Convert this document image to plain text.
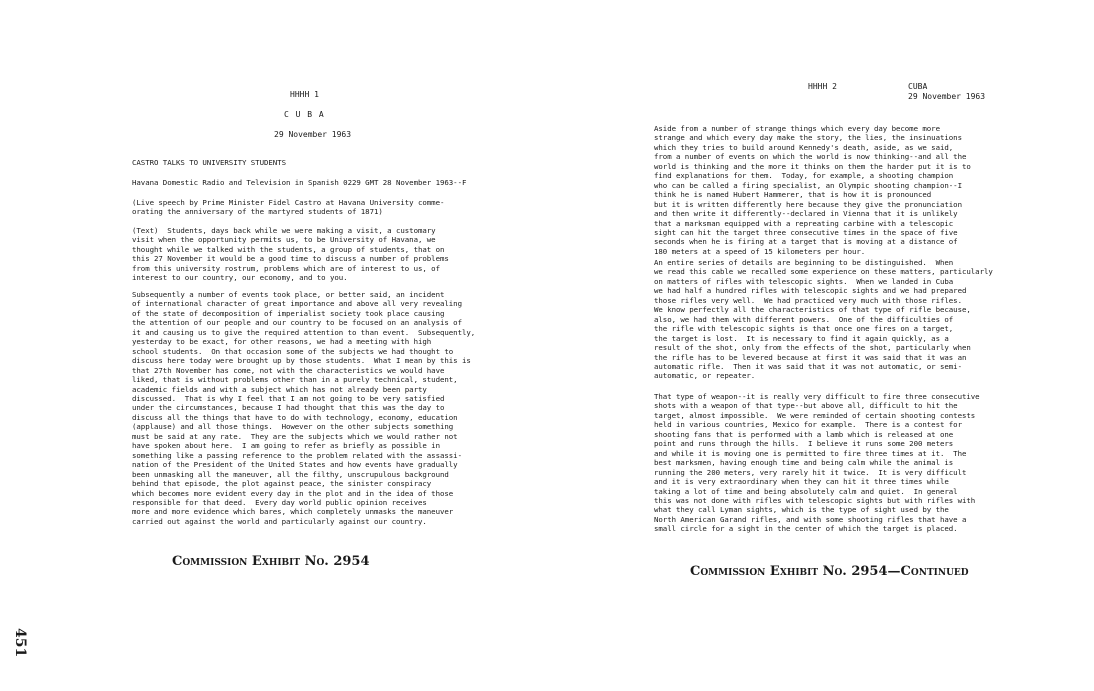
HHHH 1
C U B A
29 November 1963
CASTRO TALKS TO UNIVERSITY STUDENTS
Havana Domestic Radio and Television in Spanish 0229 GMT 28 November 1963--F
(Live speech by Prime Minister Fidel Castro at Havana University comme-
orating the anniversary of the martyred students of 1871)
(Text)  Students, days back while we were making a visit, a customary
visit when the opportunity permits us, to be University of Havana, we
thought while we talked with the students, a group of students, that on
this 27 November it would be a good time to discuss a number of problems
from this university rostrum, problems which are of interest to us, of
interest to our country, our economy, and to you.
Subsequently a number of events took place, or better said, an incident
of international character of great importance and above all very revealing
of the state of decomposition of imperialist society took place causing
the attention of our people and our country to be focused on an analysis of
it and causing us to give the required attention to than event.  Subsequently,
yesterday to be exact, for other reasons, we had a meeting with high
school students.  On that occasion some of the subjects we had thought to
discuss here today were brought up by those students.  What I mean by this is
that 27th November has come, not with the characteristics we would have
liked, that is without problems other than in a purely technical, student,
academic fields and with a subject which has not already been party
discussed.  That is why I feel that I am not going to be very satisfied
under the circumstances, because I had thought that this was the day to
discuss all the things that have to do with technology, economy, education
(applause) and all those things.  However on the other subjects something
must be said at any rate.  They are the subjects which we would rather not
have spoken about here.  I am going to refer as briefly as possible in
something like a passing reference to the problem related with the assassi-
nation of the President of the United States and how events have gradually
been unmasking all the maneuver, all the filthy, unscrupulous background
behind that episode, the plot against peace, the sinister conspiracy
which becomes more evident every day in the plot and in the idea of those
responsible for that deed.  Every day world public opinion receives
more and more evidence which bares, which completely unmasks the maneuver
carried out against the world and particularly against our country.
Commission Exhibit No. 2954
HHHH 2	CUBA
29 November 1963
Aside from a number of strange things which every day become more
strange and which every day make the story, the lies, the insinuations
which they tries to build around Kennedy's death, aside, as we said,
from a number of events on which the world is now thinking--and all the
world is thinking and the more it thinks on them the harder put it is to
find explanations for them.  Today, for example, a shooting champion
who can be called a firing specialist, an Olympic shooting champion--I
think he is named Hubert Hammerer, that is how it is pronounced
but it is written differently here because they give the pronunciation
and then write it differently--declared in Vienna that it is unlikely
that a marksman equipped with a repreating carbine with a telescopic
sight can hit the target three consecutive times in the space of five
seconds when he is firing at a target that is moving at a distance of
180 meters at a speed of 15 kilometers per hour.
An entire series of details are beginning to be distinguished.  When
we read this cable we recalled some experience on these matters, particularly
on matters of rifles with telescopic sights.  When we landed in Cuba
we had half a hundred rifles with telescopic sights and we had prepared
those rifles very well.  We had practiced very much with those rifles.
We know perfectly all the characteristics of that type of rifle because,
also, we had them with different powers.  One of the difficulties of
the rifle with telescopic sights is that once one fires on a target,
the target is lost.  It is necessary to find it again quickly, as a
result of the shot, only from the effects of the shot, particularly when
the rifle has to be levered because at first it was said that it was an
automatic rifle.  Then it was said that it was not automatic, or semi-
automatic, or repeater.
That type of weapon--it is really very difficult to fire three consecutive
shots with a weapon of that type--but above all, difficult to hit the
target, almost impossible.  We were reminded of certain shooting contests
held in various countries, Mexico for example.  There is a contest for
shooting fans that is performed with a lamb which is released at one
point and runs through the hills.  I believe it runs some 200 meters
and while it is moving one is permitted to fire three times at it.  The
best marksmen, having enough time and being calm while the animal is
running the 200 meters, very rarely hit it twice.  It is very difficult
and it is very extraordinary when they can hit it three times while
taking a lot of time and being absolutely calm and quiet.  In general
this was not done with rifles with telescopic sights but with rifles with
what they call Lyman sights, which is the type of sight used by the
North American Garand rifles, and with some shooting rifles that have a
small circle for a sight in the center of which the target is placed.
Commission Exhibit No. 2954—Continued
451
